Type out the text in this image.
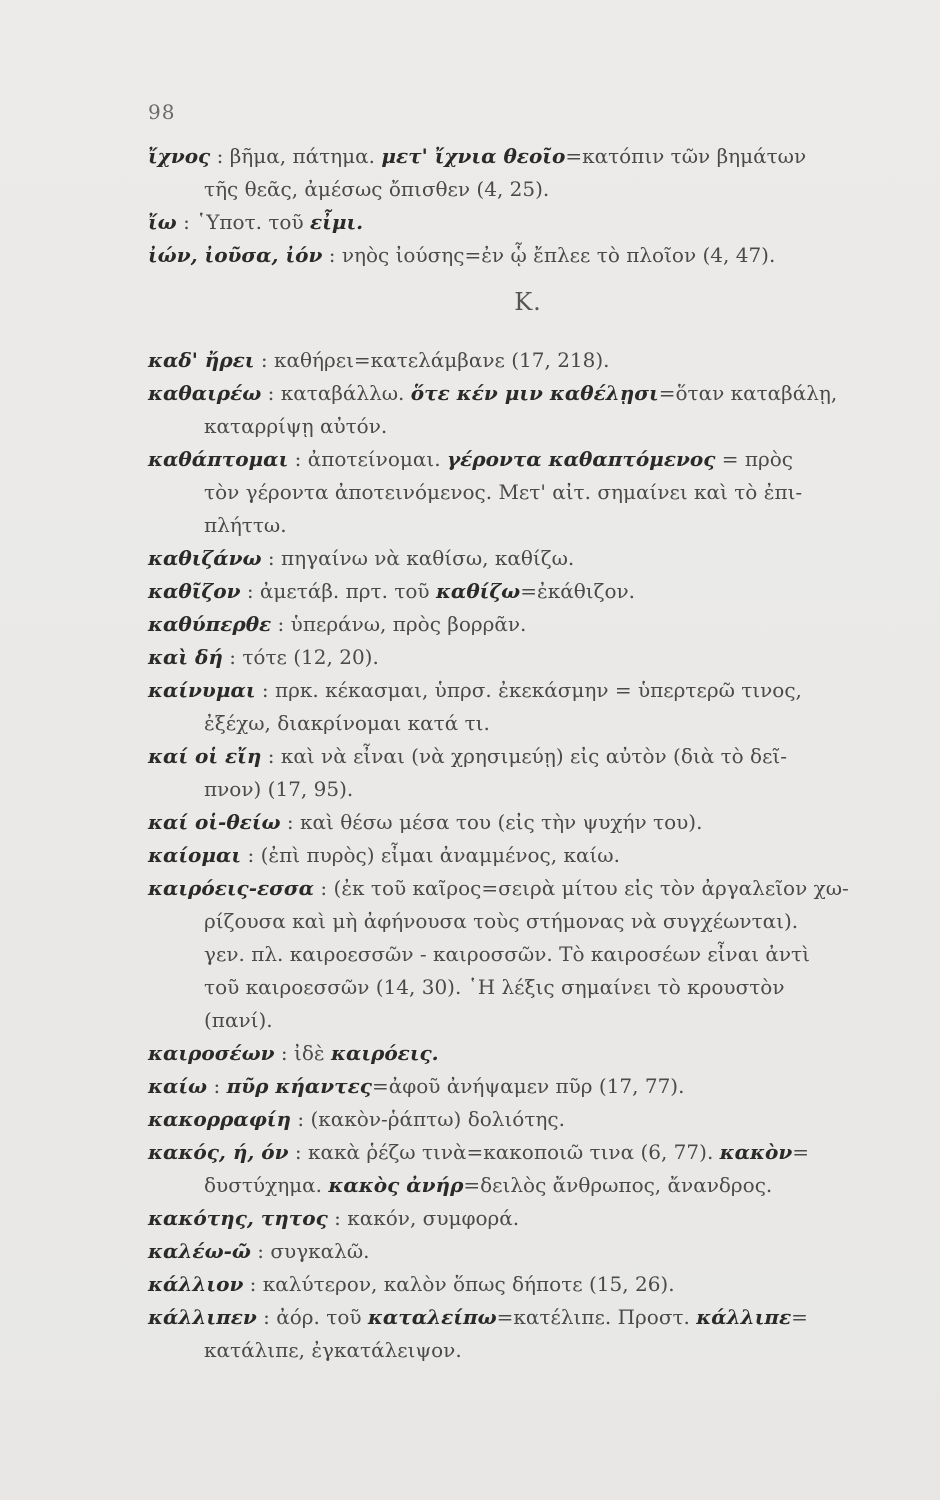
98
ἴχνος : βῆμα, πάτημα. μετ' ἴχνια θεοῖο=κατόπιν τῶν βημάτων
τῆς θεᾶς, ἀμέσως ὄπισθεν (4, 25).
ἴω : ῾Υποτ. τοῦ εἶμι.
ἰών, ἰοῦσα, ἰόν : νηὸς ἰούσης=ἐν ᾧ ἔπλεε τὸ πλοῖον (4, 47).
K.
καδ' ἤρει : καθήρει=κατελάμβανε (17, 218).
καθαιρέω : καταβάλλω. ὅτε κέν μιν καθέλῃσι=ὅταν καταβάλῃ,
καταρρίψῃ αὐτόν.
καθάπτομαι : ἀποτείνομαι. γέροντα καθαπτόμενος = πρὸς
τὸν γέροντα ἀποτεινόμενος. Μετ' αἰτ. σημαίνει καὶ τὸ ἐπι-
πλήττω.
καθιζάνω : πηγαίνω νὰ καθίσω, καθίζω.
καθῖζον : ἀμετάβ. πρτ. τοῦ καθίζω=ἐκάθιζον.
καθύπερθε : ὑπεράνω, πρὸς βορρᾶν.
καὶ δή : τότε (12, 20).
καίνυμαι : πρκ. κέκασμαι, ὑπρσ. ἐκεκάσμην = ὑπερτερῶ τινος,
ἐξέχω, διακρίνομαι κατά τι.
καί οἱ εἴη : καὶ νὰ εἶναι (νὰ χρησιμεύῃ) εἰς αὐτὸν (διὰ τὸ δεῖ-
πνον) (17, 95).
καί οἱ-θείω : καὶ θέσω μέσα του (εἰς τὴν ψυχήν του).
καίομαι : (ἐπὶ πυρὸς) εἶμαι ἀναμμένος, καίω.
καιρόεις-εσσα : (ἐκ τοῦ καῖρος=σειρὰ μίτου εἰς τὸν ἀργαλεῖον χω-
ρίζουσα καὶ μὴ ἀφήνουσα τοὺς στήμονας νὰ συγχέωνται).
γεν. πλ. καιροεσσῶν - καιροσσῶν. Τὸ καιροσέων εἶναι ἀντὶ
τοῦ καιροεσσῶν (14, 30). ῾Η λέξις σημαίνει τὸ κρουστὸν
(πανί).
καιροσέων : ἰδὲ καιρόεις.
καίω : πῦρ κήαντες=ἀφοῦ ἀνήψαμεν πῦρ (17, 77).
κακορραφίη : (κακὸν-ῥάπτω) δολιότης.
κακός, ή, όν : κακὰ ῥέζω τινὰ=κακοποιῶ τινα (6, 77). κακὸν=
δυστύχημα. κακὸς ἀνήρ=δειλὸς ἄνθρωπος, ἄνανδρος.
κακότης, τητος : κακόν, συμφορά.
καλέω-ῶ : συγκαλῶ.
κάλλιον : καλύτερον, καλὸν ὅπως δήποτε (15, 26).
κάλλιπεν : ἀόρ. τοῦ καταλείπω=κατέλιπε. Προστ. κάλλιπε=
κατάλιπε, ἐγκατάλειψον.
